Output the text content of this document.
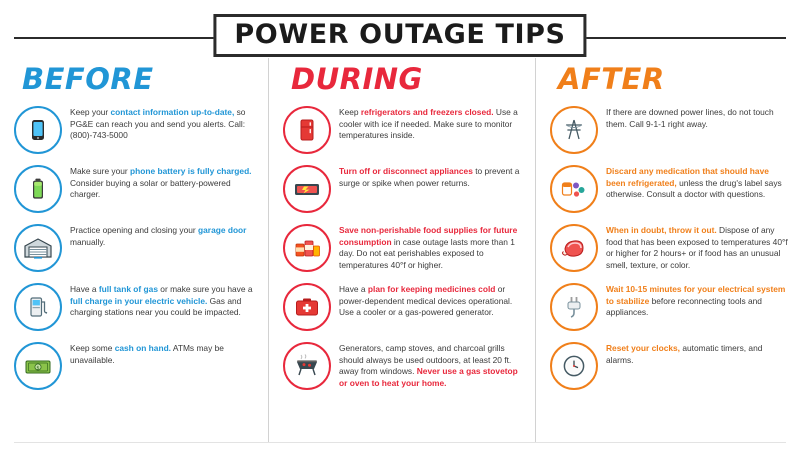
POWER OUTAGE TIPS
BEFORE
Keep your contact information up-to-date, so PG&E can reach you and send you alerts. Call: (800)-743-5000
Make sure your phone battery is fully charged. Consider buying a solar or battery-powered charger.
Practice opening and closing your garage door manually.
Have a full tank of gas or make sure you have a full charge in your electric vehicle. Gas and charging stations near you could be impacted.
$
Keep some cash on hand. ATMs may be unavailable.
DURING
Keep refrigerators and freezers closed. Use a cooler with ice if needed. Make sure to monitor temperatures inside.
Turn off or disconnect appliances to prevent a surge or spike when power returns.
Save non-perishable food supplies for future consumption in case outage lasts more than 1 day. Do not eat perishables exposed to temperatures 40°f or higher.
Have a plan for keeping medicines cold or power-dependent medical devices operational. Use a cooler or a gas-powered generator.
Generators, camp stoves, and charcoal grills should always be used outdoors, at least 20 ft. away from windows. Never use a gas stovetop or oven to heat your home.
AFTER
If there are downed power lines, do not touch them. Call 9-1-1 right away.
Discard any medication that should have been refrigerated, unless the drug's label says otherwise. Consult a doctor with questions.
When in doubt, throw it out. Dispose of any food that has been exposed to temperatures 40°f or higher for 2 hours+ or if food has an unusual smell, texture, or color.
Wait 10-15 minutes for your electrical system to stabilize before reconnecting tools and appliances.
Reset your clocks, automatic timers, and alarms.
